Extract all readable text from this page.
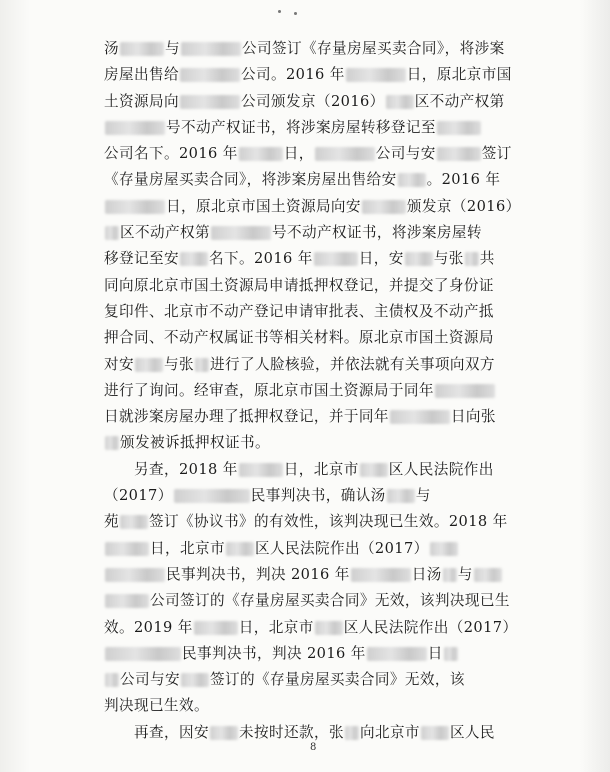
汤	与	公司签订《存量房屋买卖合同》，将涉案
房屋出售给	公司。2016 年	日，原北京市国
土资源局向	公司颁发京（2016） 区不动产权第
号不动产权证书，将涉案房屋转移登记至
公司名下。2016 年	日，	公司与安	签订
《存量房屋买卖合同》，将涉案房屋出售给安 。2016 年
日，原北京市国土资源局向安	颁发京（2016）
区不动产权第	号不动产权证书，将涉案房屋转
移登记至安 名下。2016 年	日，安 与张 共
同向原北京市国土资源局申请抵押权登记，并提交了身份证
复印件、北京市不动产登记申请审批表、主债权及不动产抵
押合同、不动产权属证书等相关材料。原北京市国土资源局
对安 与张 进行了人脸核验，并依法就有关事项向双方
进行了询问。经审查，原北京市国土资源局于同年
日就涉案房屋办理了抵押权登记，并于同年	日向张
颁发被诉抵押权证书。
另查，2018 年	日，北京市 区人民法院作出
（2017）	民事判决书，确认汤 与
苑 签订《协议书》的有效性，该判决现已生效。2018 年
日，北京市 区人民法院作出（2017）
民事判决书，判决 2016 年	日汤 与
公司签订的《存量房屋买卖合同》无效，该判决现已生
效。2019 年	日，北京市 区人民法院作出（2017）
民事判决书，判决 2016 年	日
公司与安 签订的《存量房屋买卖合同》无效，该
判决现已生效。
再查，因安 未按时还款，张 向北京市 区人民
8
